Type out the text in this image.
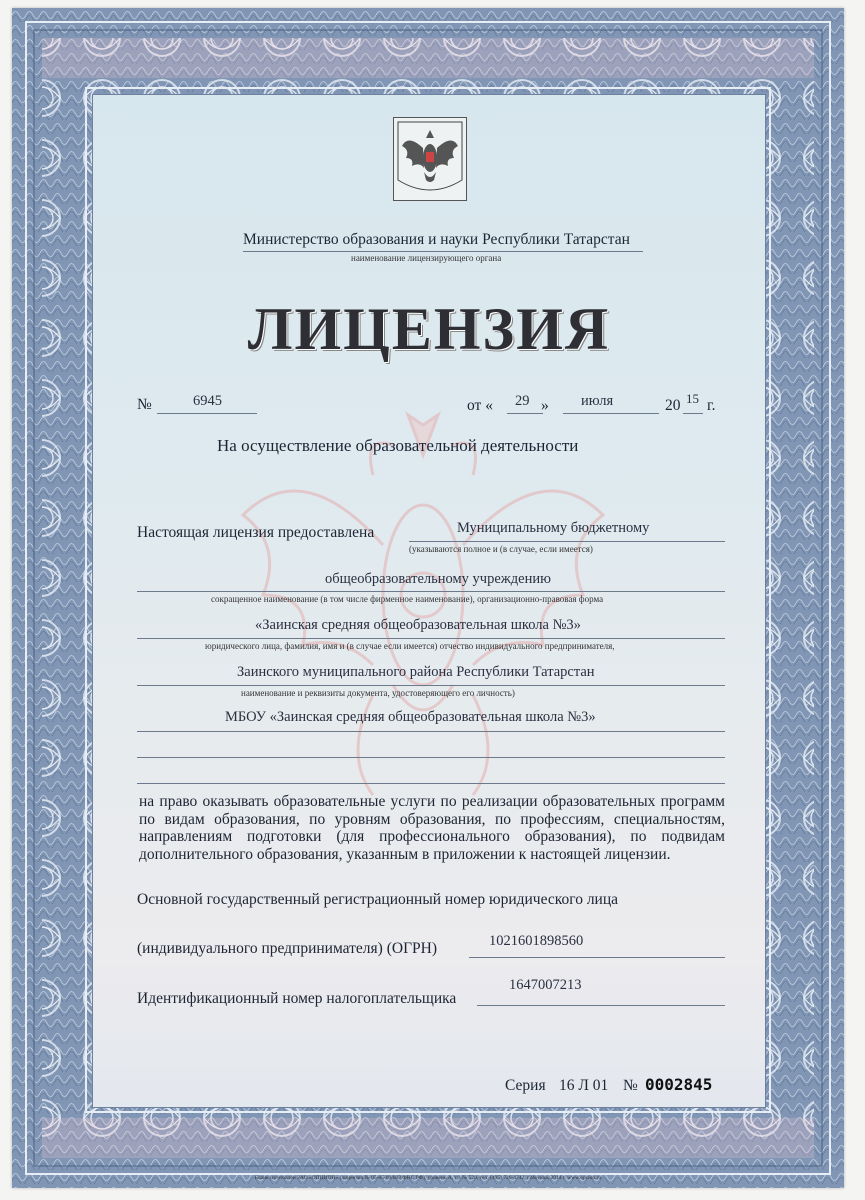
Министерство образования и науки Республики Татарстан
наименование лицензирующего органа
ЛИЦЕНЗИЯ
№	6945	от « 29 » июля	20 15 г.
На осуществление образовательной деятельности
Настоящая лицензия предоставлена	Муниципальному бюджетному
(указываются полное и (в случае, если имеется)
общеобразовательному учреждению
сокращенное наименование (в том числе фирменное наименование), организационно-правовая форма
«Заинская средняя общеобразовательная школа №3»
юридического лица, фамилия, имя и (в случае если имеется) отчество индивидуального предпринимателя,
Заинского муниципального района Республики Татарстан
наименование и реквизиты документа, удостоверяющего его личность)
МБОУ «Заинская средняя общеобразовательная школа №3»
на право оказывать образовательные услуги по реализации образовательных программ по видам образования, по уровням образования, по профессиям, специальностям, направлениям подготовки (для профессионального образования), по подвидам дополнительного образования, указанным в приложении к настоящей лицензии.
Основной государственный регистрационный номер юридического лица
(индивидуального предпринимателя) (ОГРН)	1021601898560
Идентификационный номер налогоплательщика
1647007213
Серия 16 Л 01 № 0002845
Бланк изготовлен ЗАО «ОПЦИОН» (лицензия № 05-05-09/003 ФНС РФ), уровень А, т/з № 520, тел. (495) 726-4742, г.Москва, 2014 г. www.opcion.ru
